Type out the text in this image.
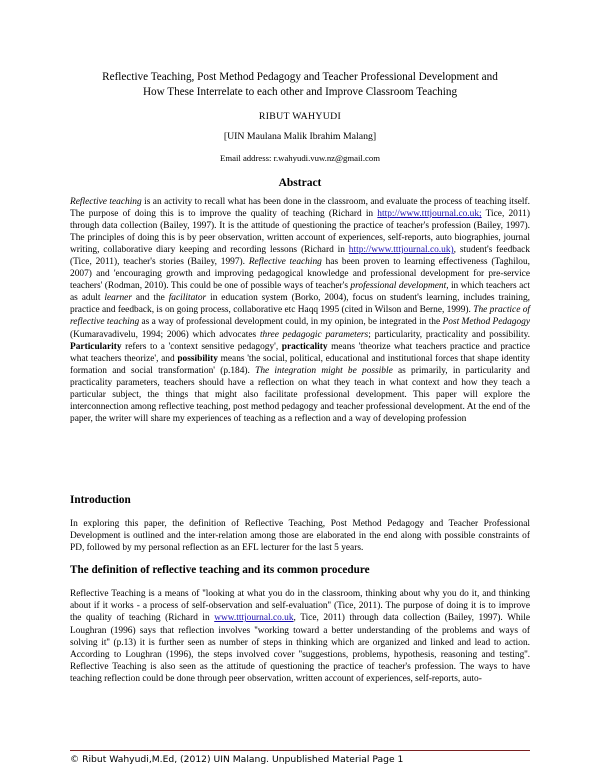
Reflective Teaching, Post Method Pedagogy and Teacher Professional Development and
How These Interrelate to each other and Improve Classroom Teaching
RIBUT WAHYUDI
[UIN Maulana Malik Ibrahim Malang]
Email address: r.wahyudi.vuw.nz@gmail.com
Abstract

Reflective teaching is an activity to recall what has been done in the classroom, and evaluate the process of teaching itself. The purpose of doing this is to improve the quality of teaching (Richard in http://www.tttjournal.co.uk; Tice, 2011) through data collection (Bailey, 1997). It is the attitude of questioning the practice of teacher's profession (Bailey, 1997). The principles of doing this is by peer observation, written account of experiences, self-reports, auto biographies, journal writing, collaborative diary keeping and recording lessons (Richard in http://www.tttjournal.co.uk), student's feedback (Tice, 2011), teacher's stories (Bailey, 1997). Reflective teaching has been proven to learning effectiveness (Taghilou, 2007) and 'encouraging growth and improving pedagogical knowledge and professional development for pre-service teachers' (Rodman, 2010). This could be one of possible ways of teacher's professional development, in which teachers act as adult learner and the facilitator in education system (Borko, 2004), focus on student's learning, includes training, practice and feedback, is on going process, collaborative etc Haqq 1995 (cited in Wilson and Berne, 1999). The practice of reflective teaching as a way of professional development could, in my opinion, be integrated in the Post Method Pedagogy (Kumaravadivelu, 1994; 2006) which advocates three pedagogic parameters; particularity, practicality and possibility. Particularity refers to a 'context sensitive pedagogy', practicality means 'theorize what teachers practice and practice what teachers theorize', and possibility means 'the social, political, educational and institutional forces that shape identity formation and social transformation' (p.184). The integration might be possible as primarily, in particularity and practicality parameters, teachers should have a reflection on what they teach in what context and how they teach a particular subject, the things that might also facilitate professional development. This paper will explore the interconnection among reflective teaching, post method pedagogy and teacher professional development. At the end of the paper, the writer will share my experiences of teaching as a reflection and a way of developing profession

Introduction

In exploring this paper, the definition of Reflective Teaching, Post Method Pedagogy and Teacher Professional Development is outlined and the inter-relation among those are elaborated in the end along with possible constraints of PD, followed by my personal reflection as an EFL lecturer for the last 5 years.

The definition of reflective teaching and its common procedure

Reflective Teaching is a means of ''looking at what you do in the classroom, thinking about why you do it, and thinking about if it works - a process of self-observation and self-evaluation'' (Tice, 2011). The purpose of doing it is to improve the quality of teaching (Richard in www.tttjournal.co.uk, Tice, 2011) through data collection (Bailey, 1997). While Loughran (1996) says that reflection involves ''working toward a better understanding of the problems and ways of solving it'' (p.13) it is further seen as number of steps in thinking which are organized and linked and lead to action. According to Loughran (1996), the steps involved cover ''suggestions, problems, hypothesis, reasoning and testing''. Reflective Teaching is also seen as the attitude of questioning the practice of teacher's profession. The ways to have teaching reflection could be done through peer observation, written account of experiences, self-reports, auto-

© Ribut Wahyudi,M.Ed, (2012) UIN Malang. Unpublished Material Page 1
